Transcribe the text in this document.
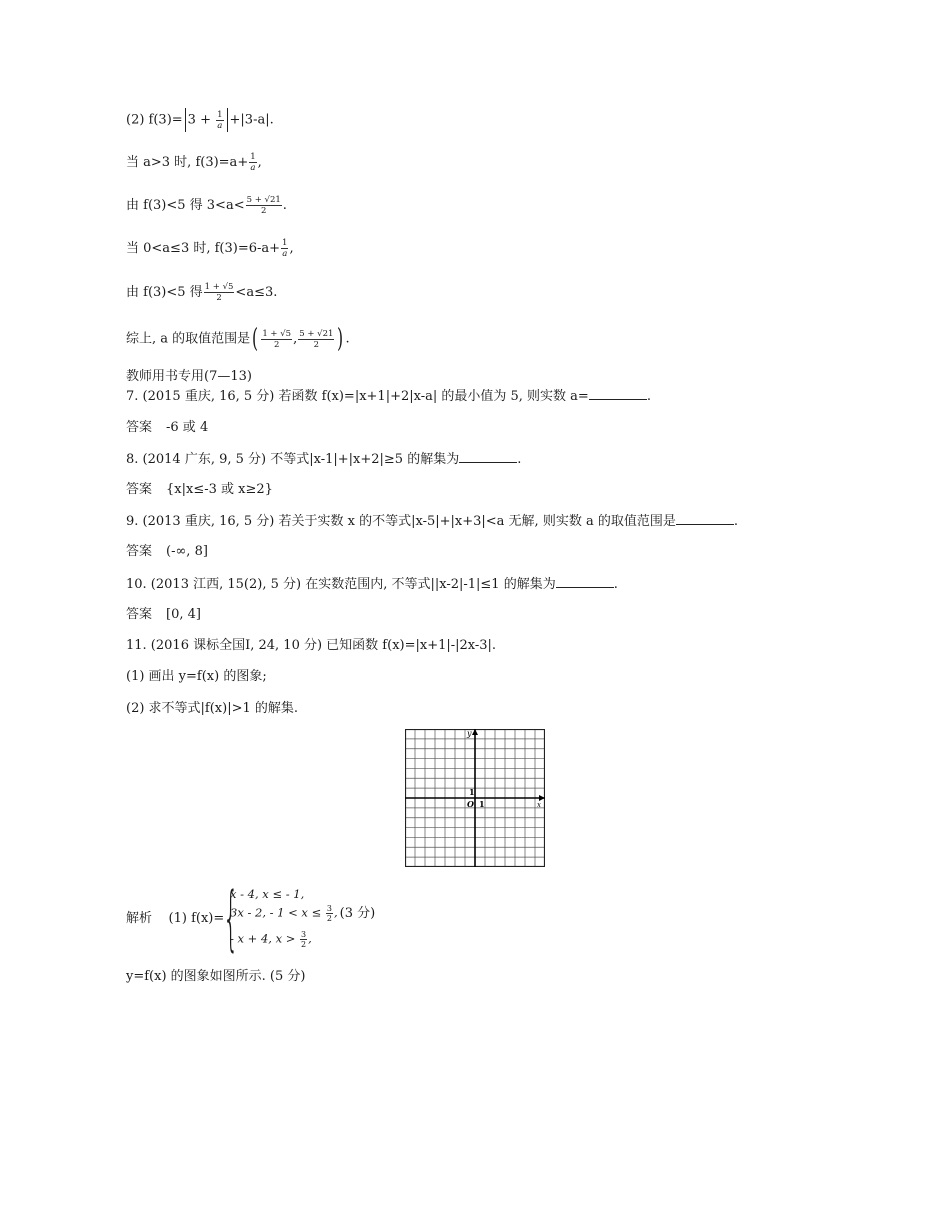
(2) $f(3)= 3 + \frac{1}{a} +|3-a|$.
当 a>3 时, $f(3)=a+ \frac{1}{a}$ ,
由 f(3)<5 得 $3<a< \frac{5 + √21}{2}$ .
当 0<a≤3 时, $f(3)=6-a+ \frac{1}{a}$ ,
由 f(3)<5 得 $\frac{1 + √5}{2} <a\le 3$.
综上, a 的取值范围是( $\frac{1 + √5}{2}$ , $\frac{5 + √21}{2}$ ) .
教师用书专用(7—13)
7. (2015 重庆, 16, 5 分) 若函数 f(x)=|x+1|+2|x-a| 的最小值为 5, 则实数 a=	.
答案 -6 或 4
8. (2014 广东, 9, 5 分) 不等式|x-1|+|x+2|≥5 的解集为	.
答案 {x|x≤-3 或 x≥2}
9. (2013 重庆, 16, 5 分) 若关于实数 x 的不等式|x-5|+|x+3|<a 无解, 则实数 a 的取值范围是	.
答案 (-∞, 8]
10. (2013 江西, 15(2), 5 分) 在实数范围内, 不等式||x-2|-1|≤1 的解集为	.
答案 [0, 4]
11. (2016 课标全国Ⅰ, 24, 10 分) 已知函数 f(x)=|x+1|-|2x-3|.
(1) 画出 y=f(x) 的图象;
(2) 求不等式|f(x)|>1 的解集.
y
x
O 1
1
解析 (1) f(x)=
{
x - 4, x ≤ - 1,
3x - 2, - $1 < x \le \frac{3}{2}$ , (3 分)
- x + 4, $x > \frac{3}{2}$ ,
y=f(x) 的图象如图所示. (5 分)
